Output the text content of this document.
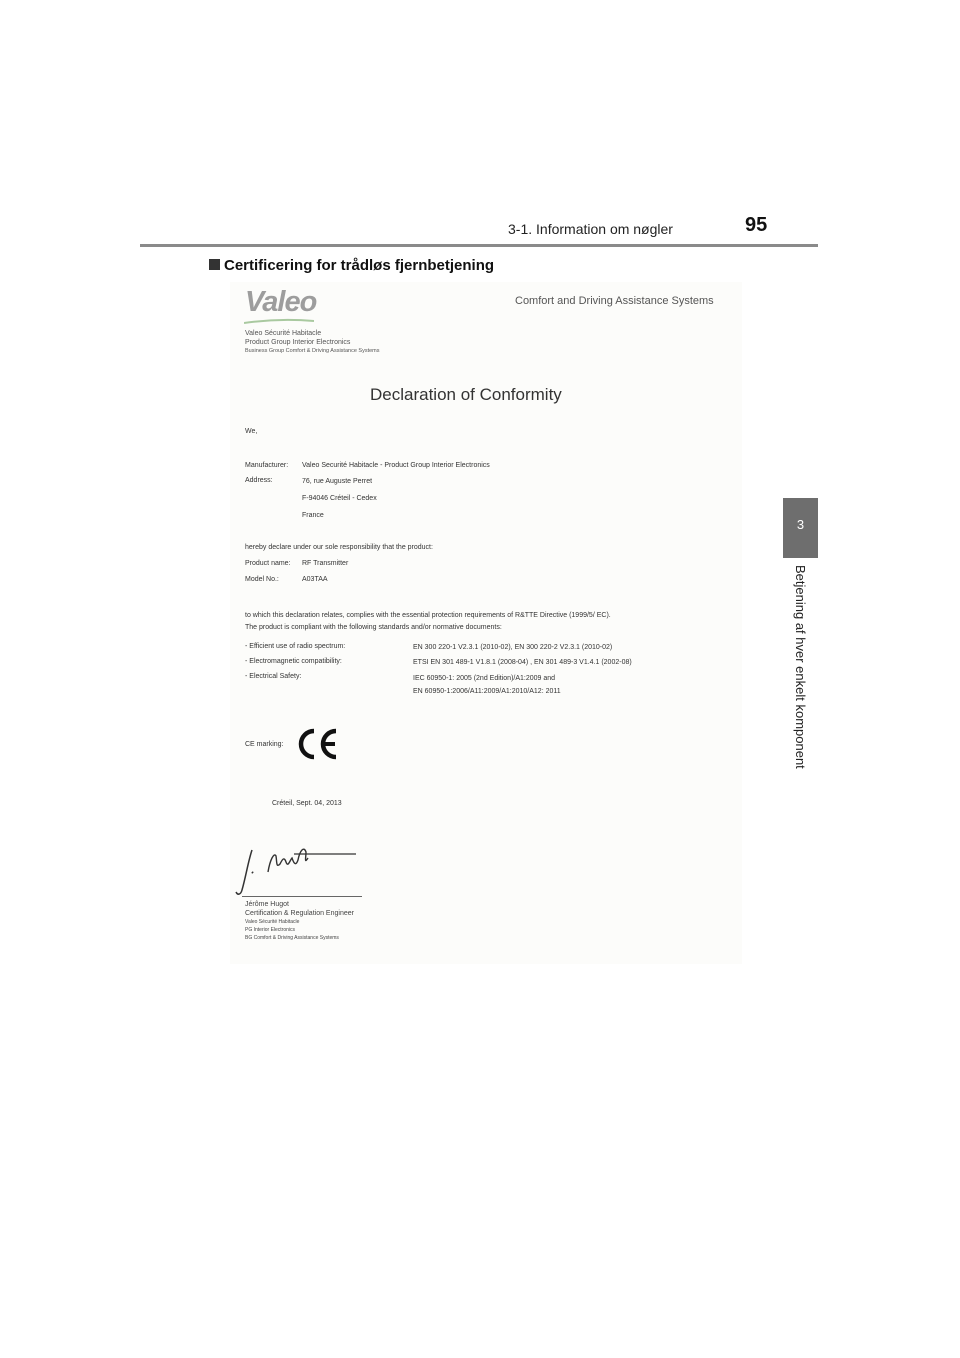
3-1. Information om nøgler	95
Certificering for trådløs fjernbetjening
3
Betjening af hver enkelt komponent
Valeo	Comfort and Driving Assistance Systems
Valeo Sécurité Habitacle
Product Group Interior Electronics
Business Group Comfort & Driving Assistance Systems
Declaration of Conformity
We,
Manufacturer: Valeo Securité Habitacle - Product Group Interior Electronics
Address:	76, rue Auguste Perret
F-94046 Créteil - Cedex
France
hereby declare under our sole responsibility that the product:
Product name: RF Transmitter
Model No.:	A03TAA
to which this declaration relates, complies with the essential protection requirements of R&TTE Directive (1999/5/ EC).
The product is compliant with the following standards and/or normative documents:
- Efficient use of radio spectrum:	EN 300 220-1 V2.3.1 (2010-02), EN 300 220-2 V2.3.1 (2010-02)
- Electromagnetic compatibility:	ETSI EN 301 489-1 V1.8.1 (2008-04) , EN 301 489-3 V1.4.1 (2002-08)
- Electrical Safety:	IEC 60950-1: 2005 (2nd Edition)/A1:2009 and
EN 60950-1:2006/A11:2009/A1:2010/A12: 2011
CE marking:
Créteil, Sept. 04, 2013
Jérôme Hugot
Certification & Regulation Engineer
Valeo Sécurité Habitacle
PG Interior Electronics
BG Comfort & Driving Assistance Systems
